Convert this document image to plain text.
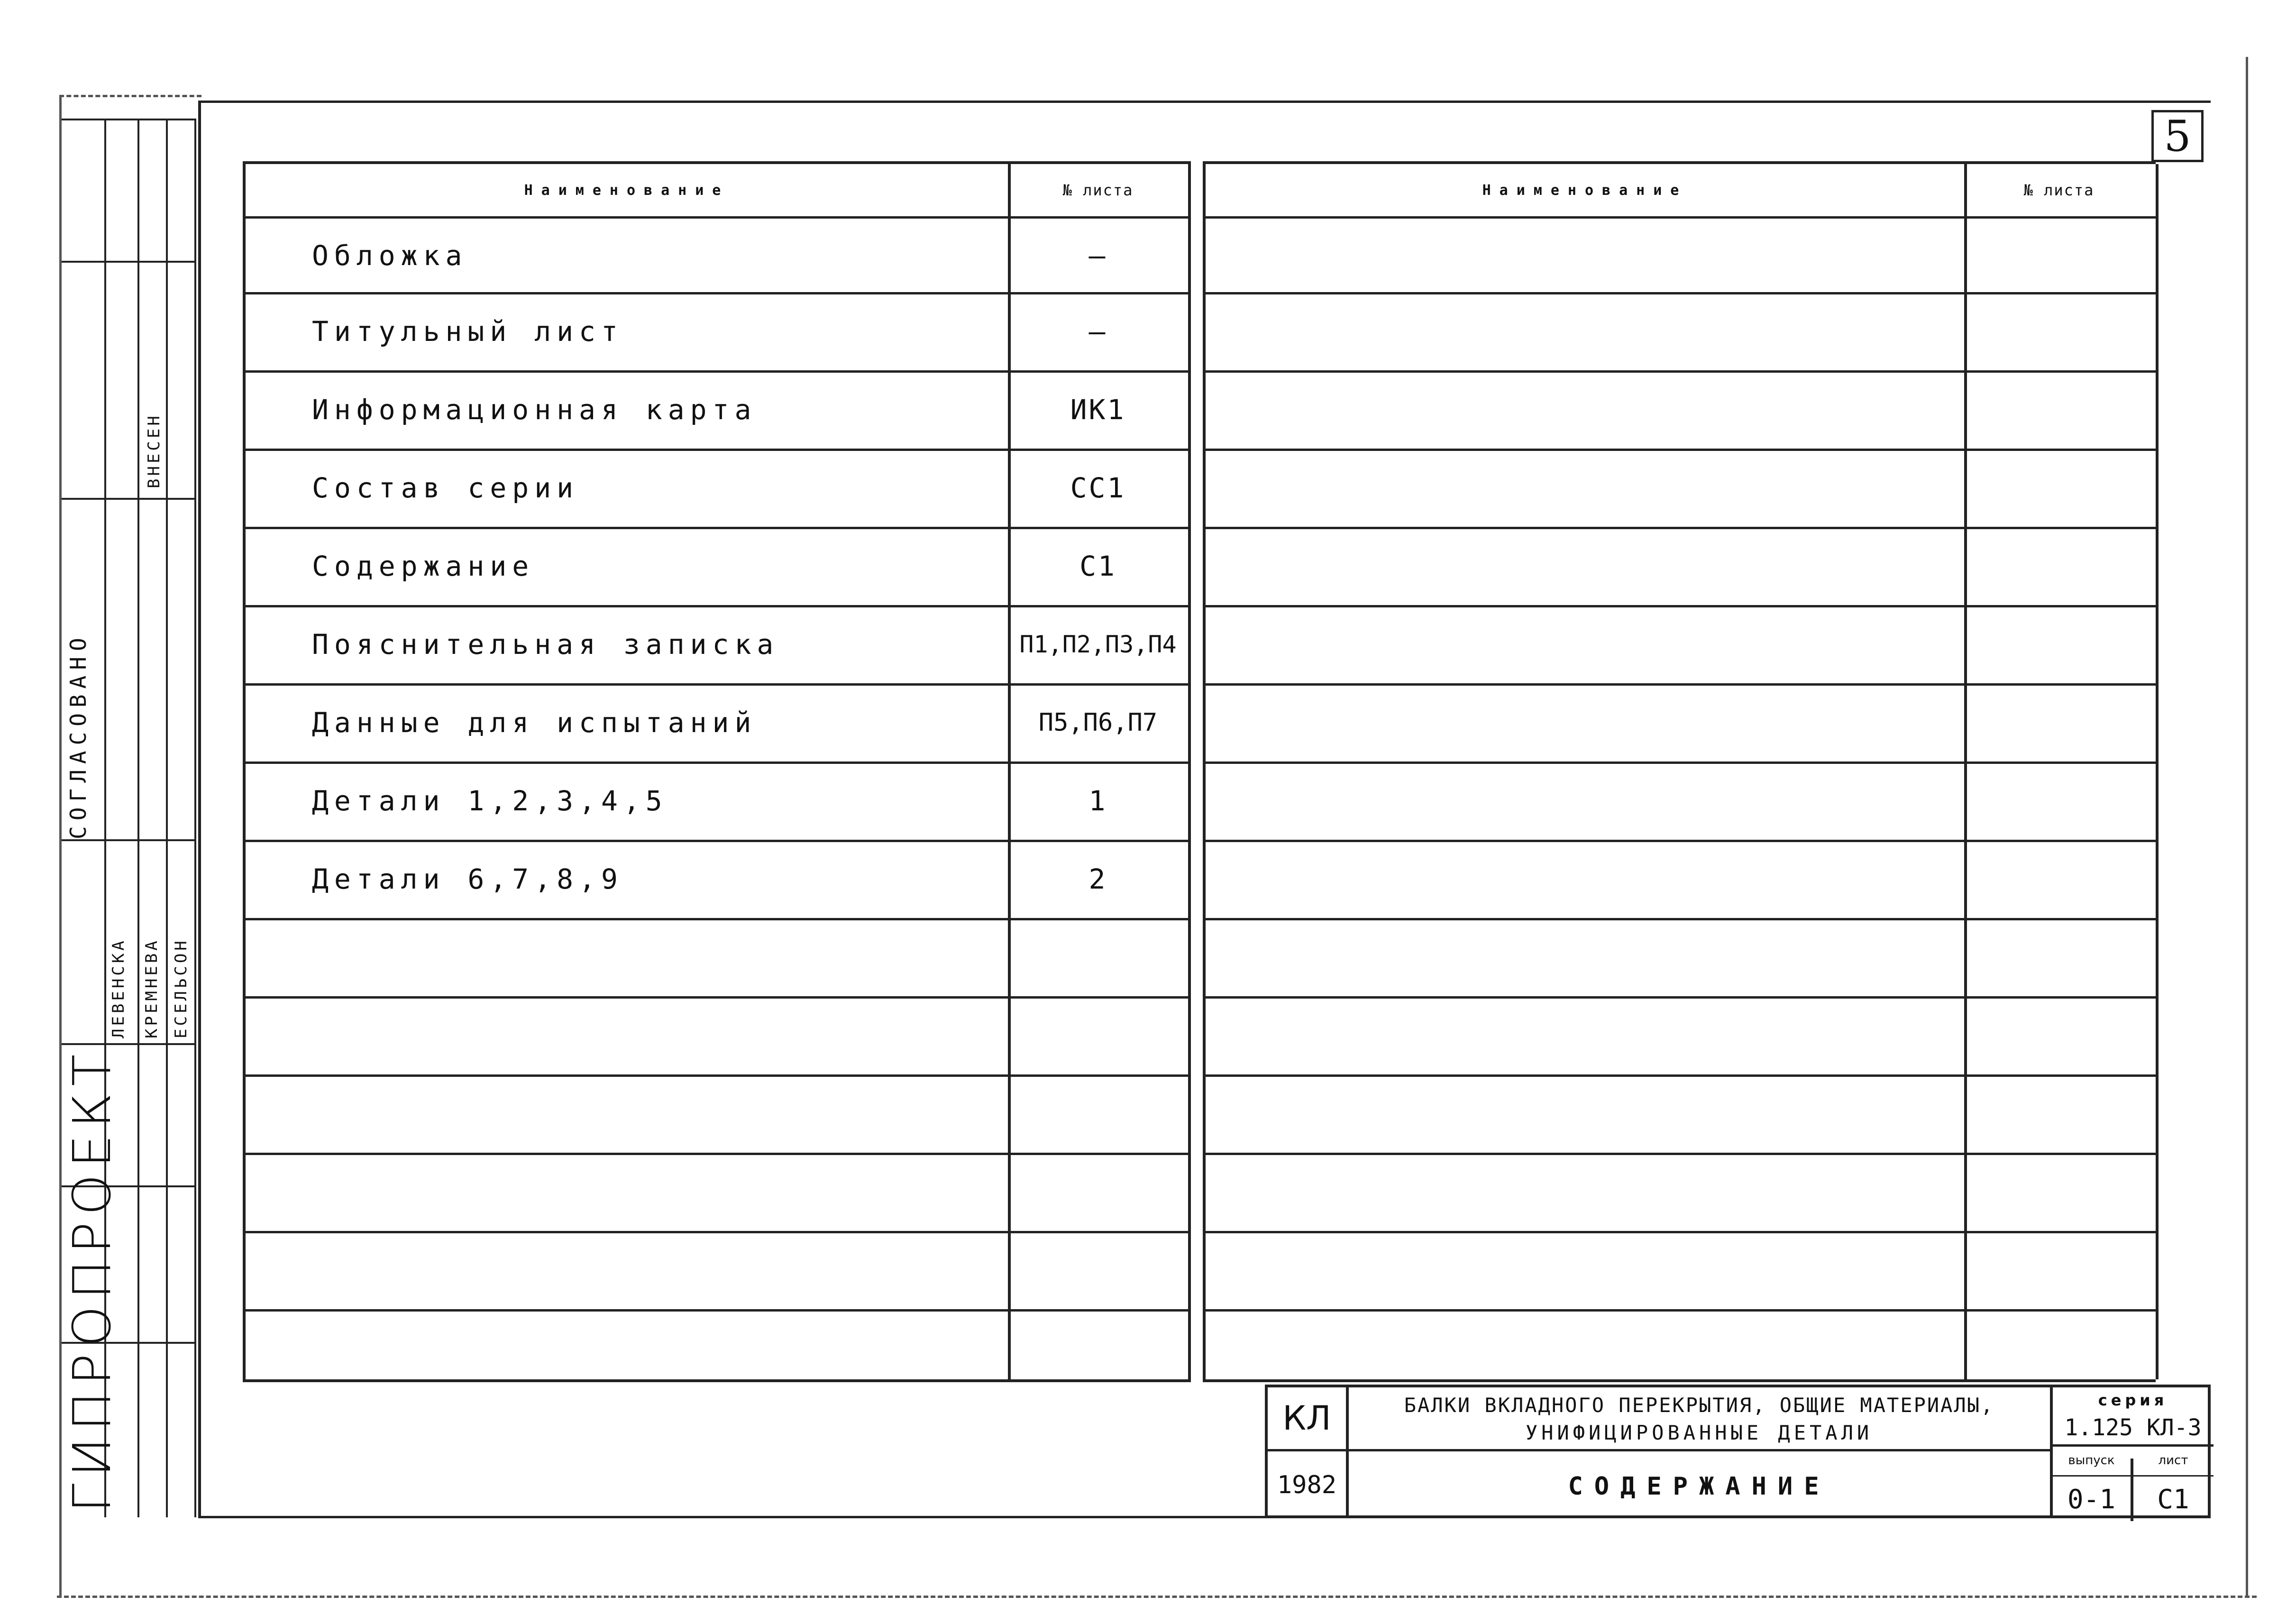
5
СОГЛАСОВАНО
ГИПРОПРОЕКТ
ВНЕСЕН
ЛЕВЕНСКА КРЕМНЕВА ЕСЕЛЬСОН
Наименование	№ листа
Обложка	—
Титульный лист	—
Информационная карта	ИК1
Состав серии	СС1
Содержание	С1
Пояснительная записка	П1,П2,П3,П4
Данные для испытаний	П5,П6,П7
Детали 1,2,3,4,5	1
Детали 6,7,8,9	2
Наименование	№ листа
КЛ
1982
БАЛКИ ВКЛАДНОГО ПЕРЕКРЫТИЯ, ОБЩИЕ МАТЕРИАЛЫ,
УНИФИЦИРОВАННЫЕ ДЕТАЛИ
СОДЕРЖАНИЕ
серия
1.125 КЛ-3
выпуск	лист
0-1	С1
